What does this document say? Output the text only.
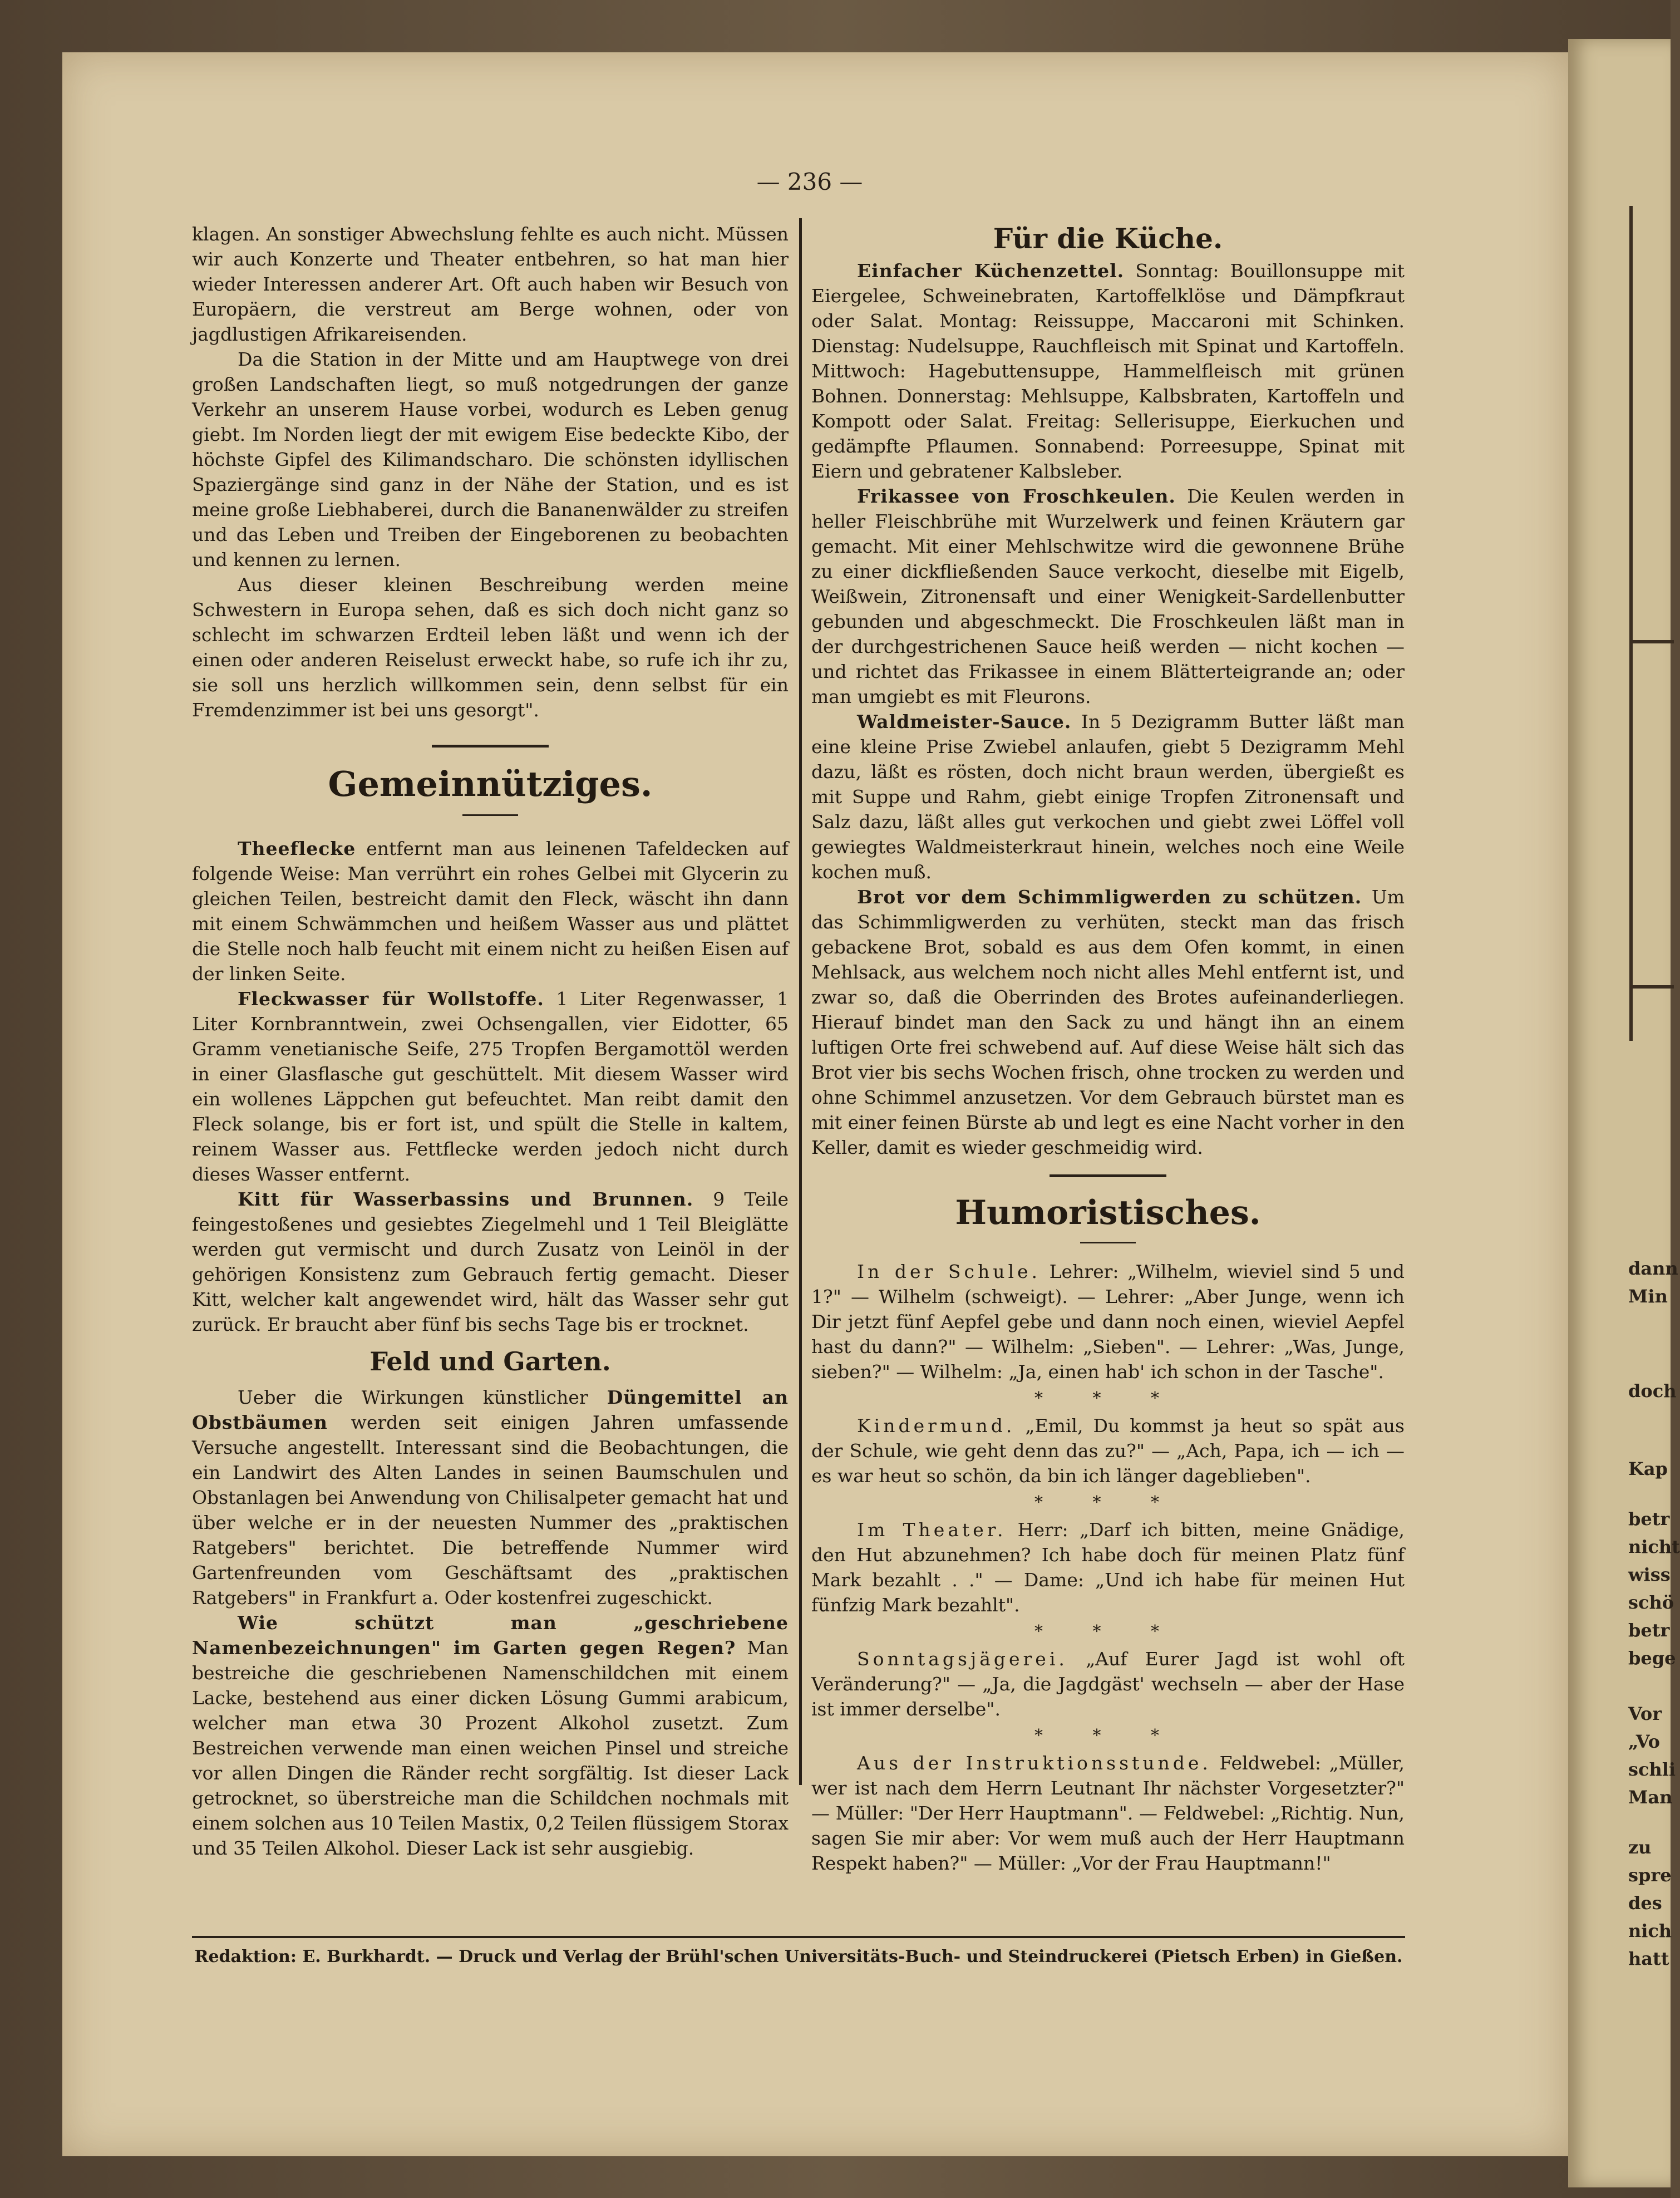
dann
Min
doch
Kap
betr
nicht
wiss
schö
betr
bege
Vor
„Vo
schli
Man
zu
spre
des
nich
hatt
— 236 —

klagen. An sonstiger Abwechslung fehlte es auch nicht. Müssen wir auch Konzerte und Theater entbehren, so hat man hier wieder Interessen anderer Art. Oft auch haben wir Besuch von Europäern, die verstreut am Berge wohnen, oder von jagdlustigen Afrikareisenden.

Da die Station in der Mitte und am Hauptwege von drei großen Landschaften liegt, so muß notgedrungen der ganze Verkehr an unserem Hause vorbei, wodurch es Leben genug giebt. Im Norden liegt der mit ewigem Eise bedeckte Kibo, der höchste Gipfel des Kilimandscharo. Die schönsten idyllischen Spaziergänge sind ganz in der Nähe der Station, und es ist meine große Liebhaberei, durch die Bananenwälder zu streifen und das Leben und Treiben der Eingeborenen zu beobachten und kennen zu lernen.

Aus dieser kleinen Beschreibung werden meine Schwestern in Europa sehen, daß es sich doch nicht ganz so schlecht im schwarzen Erdteil leben läßt und wenn ich der einen oder anderen Reiselust erweckt habe, so rufe ich ihr zu, sie soll uns herzlich willkommen sein, denn selbst für ein Fremdenzimmer ist bei uns gesorgt".

Gemeinnütziges.

Theeflecke entfernt man aus leinenen Tafeldecken auf folgende Weise: Man verrührt ein rohes Gelbei mit Glycerin zu gleichen Teilen, bestreicht damit den Fleck, wäscht ihn dann mit einem Schwämmchen und heißem Wasser aus und plättet die Stelle noch halb feucht mit einem nicht zu heißen Eisen auf der linken Seite.

Fleckwasser für Wollstoffe. 1 Liter Regenwasser, 1 Liter Kornbranntwein, zwei Ochsengallen, vier Eidotter, 65 Gramm venetianische Seife, 275 Tropfen Bergamottöl werden in einer Glasflasche gut geschüttelt. Mit diesem Wasser wird ein wollenes Läppchen gut befeuchtet. Man reibt damit den Fleck solange, bis er fort ist, und spült die Stelle in kaltem, reinem Wasser aus. Fettflecke werden jedoch nicht durch dieses Wasser entfernt.

Kitt für Wasserbassins und Brunnen. 9 Teile feingestoßenes und gesiebtes Ziegelmehl und 1 Teil Bleiglätte werden gut vermischt und durch Zusatz von Leinöl in der gehörigen Konsistenz zum Gebrauch fertig gemacht. Dieser Kitt, welcher kalt angewendet wird, hält das Wasser sehr gut zurück. Er braucht aber fünf bis sechs Tage bis er trocknet.

Feld und Garten.

Ueber die Wirkungen künstlicher Düngemittel an Obstbäumen werden seit einigen Jahren umfassende Versuche angestellt. Interessant sind die Beobachtungen, die ein Landwirt des Alten Landes in seinen Baumschulen und Obstanlagen bei Anwendung von Chilisalpeter gemacht hat und über welche er in der neuesten Nummer des „praktischen Ratgebers" berichtet. Die betreffende Nummer wird Gartenfreunden vom Geschäftsamt des „praktischen Ratgebers" in Frankfurt a. Oder kostenfrei zugeschickt.

Wie schützt man „geschriebene Namenbezeichnungen" im Garten gegen Regen? Man bestreiche die geschriebenen Namenschildchen mit einem Lacke, bestehend aus einer dicken Lösung Gummi arabicum, welcher man etwa 30 Prozent Alkohol zusetzt. Zum Bestreichen verwende man einen weichen Pinsel und streiche vor allen Dingen die Ränder recht sorgfältig. Ist dieser Lack getrocknet, so überstreiche man die Schildchen nochmals mit einem solchen aus 10 Teilen Mastix, 0,2 Teilen flüssigem Storax und 35 Teilen Alkohol. Dieser Lack ist sehr ausgiebig.

Für die Küche.

Einfacher Küchenzettel. Sonntag: Bouillonsuppe mit Eiergelee, Schweinebraten, Kartoffelklöse und Dämpfkraut oder Salat. Montag: Reissuppe, Maccaroni mit Schinken. Dienstag: Nudelsuppe, Rauchfleisch mit Spinat und Kartoffeln. Mittwoch: Hagebuttensuppe, Hammelfleisch mit grünen Bohnen. Donnerstag: Mehlsuppe, Kalbsbraten, Kartoffeln und Kompott oder Salat. Freitag: Sellerisuppe, Eierkuchen und gedämpfte Pflaumen. Sonnabend: Porreesuppe, Spinat mit Eiern und gebratener Kalbsleber.

Frikassee von Froschkeulen. Die Keulen werden in heller Fleischbrühe mit Wurzelwerk und feinen Kräutern gar gemacht. Mit einer Mehlschwitze wird die gewonnene Brühe zu einer dickfließenden Sauce verkocht, dieselbe mit Eigelb, Weißwein, Zitronensaft und einer Wenigkeit-Sardellenbutter gebunden und abgeschmeckt. Die Froschkeulen läßt man in der durchgestrichenen Sauce heiß werden — nicht kochen — und richtet das Frikassee in einem Blätterteigrande an; oder man umgiebt es mit Fleurons.

Waldmeister-Sauce. In 5 Dezigramm Butter läßt man eine kleine Prise Zwiebel anlaufen, giebt 5 Dezigramm Mehl dazu, läßt es rösten, doch nicht braun werden, übergießt es mit Suppe und Rahm, giebt einige Tropfen Zitronensaft und Salz dazu, läßt alles gut verkochen und giebt zwei Löffel voll gewiegtes Waldmeisterkraut hinein, welches noch eine Weile kochen muß.

Brot vor dem Schimmligwerden zu schützen. Um das Schimmligwerden zu verhüten, steckt man das frisch gebackene Brot, sobald es aus dem Ofen kommt, in einen Mehlsack, aus welchem noch nicht alles Mehl entfernt ist, und zwar so, daß die Oberrinden des Brotes aufeinanderliegen. Hierauf bindet man den Sack zu und hängt ihn an einem luftigen Orte frei schwebend auf. Auf diese Weise hält sich das Brot vier bis sechs Wochen frisch, ohne trocken zu werden und ohne Schimmel anzusetzen. Vor dem Gebrauch bürstet man es mit einer feinen Bürste ab und legt es eine Nacht vorher in den Keller, damit es wieder geschmeidig wird.

Humoristisches.

In der Schule. Lehrer: „Wilhelm, wieviel sind 5 und 1?" — Wilhelm (schweigt). — Lehrer: „Aber Junge, wenn ich Dir jetzt fünf Aepfel gebe und dann noch einen, wieviel Aepfel hast du dann?" — Wilhelm: „Sieben". — Lehrer: „Was, Junge, sieben?" — Wilhelm: „Ja, einen hab' ich schon in der Tasche".

* * *

Kindermund. „Emil, Du kommst ja heut so spät aus der Schule, wie geht denn das zu?" — „Ach, Papa, ich — ich — es war heut so schön, da bin ich länger dageblieben".

* * *

Im Theater. Herr: „Darf ich bitten, meine Gnädige, den Hut abzunehmen? Ich habe doch für meinen Platz fünf Mark bezahlt . ." — Dame: „Und ich habe für meinen Hut fünfzig Mark bezahlt".

* * *

Sonntagsjägerei. „Auf Eurer Jagd ist wohl oft Veränderung?" — „Ja, die Jagdgäst' wechseln — aber der Hase ist immer derselbe".

* * *

Aus der Instruktionsstunde. Feldwebel: „Müller, wer ist nach dem Herrn Leutnant Ihr nächster Vorgesetzter?" — Müller: "Der Herr Hauptmann". — Feldwebel: „Richtig. Nun, sagen Sie mir aber: Vor wem muß auch der Herr Hauptmann Respekt haben?" — Müller: „Vor der Frau Hauptmann!"

Redaktion: E. Burkhardt. — Druck und Verlag der Brühl'schen Universitäts-Buch- und Steindruckerei (Pietsch Erben) in Gießen.
